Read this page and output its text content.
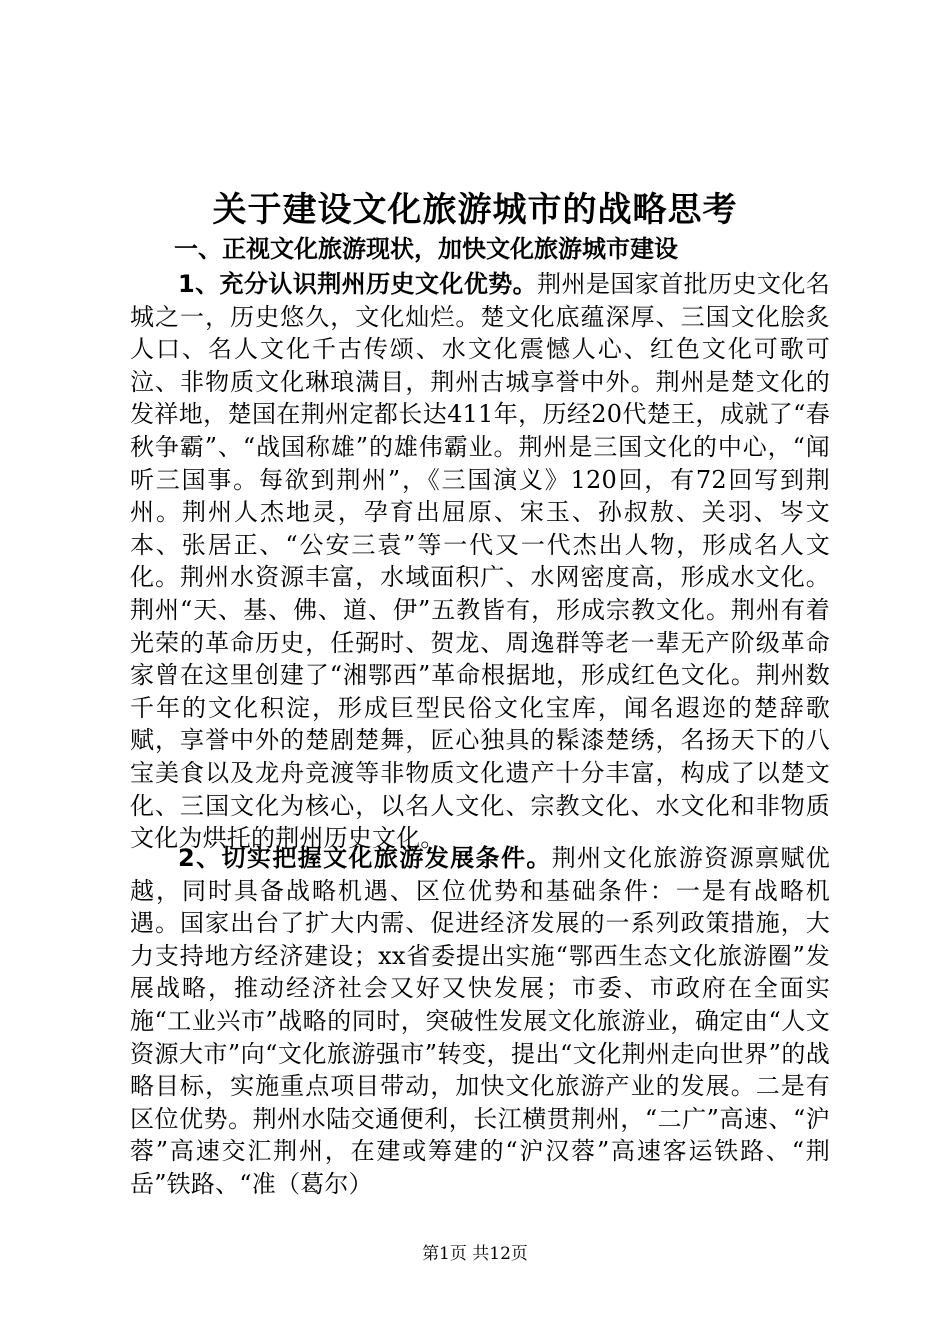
关于建设文化旅游城市的战略思考
一、正视文化旅游现状，加快文化旅游城市建设

1、充分认识荆州历史文化优势。荆州是国家首批历史文化名城之一，历史悠久，文化灿烂。楚文化底蕴深厚、三国文化脍炙人口、名人文化千古传颂、水文化震憾人心、红色文化可歌可泣、非物质文化琳琅满目，荆州古城享誉中外。荆州是楚文化的发祥地，楚国在荆州定都长达411年，历经20代楚王，成就了“春秋争霸”、“战国称雄”的雄伟霸业。荆州是三国文化的中心，“闻听三国事。每欲到荆州”，《三国演义》120回，有72回写到荆州。荆州人杰地灵，孕育出屈原、宋玉、孙叔敖、关羽、岑文本、张居正、“公安三袁”等一代又一代杰出人物，形成名人文化。荆州水资源丰富，水域面积广、水网密度高，形成水文化。荆州“天、基、佛、道、伊”五教皆有，形成宗教文化。荆州有着光荣的革命历史，任弼时、贺龙、周逸群等老一辈无产阶级革命家曾在这里创建了“湘鄂西”革命根据地，形成红色文化。荆州数千年的文化积淀，形成巨型民俗文化宝库，闻名遐迩的楚辞歌赋，享誉中外的楚剧楚舞，匠心独具的髹漆楚绣，名扬天下的八宝美食以及龙舟竞渡等非物质文化遗产十分丰富，构成了以楚文化、三国文化为核心，以名人文化、宗教文化、水文化和非物质文化为烘托的荆州历史文化。

2、切实把握文化旅游发展条件。荆州文化旅游资源禀赋优越，同时具备战略机遇、区位优势和基础条件：一是有战略机遇。国家出台了扩大内需、促进经济发展的一系列政策措施，大力支持地方经济建设；xx省委提出实施“鄂西生态文化旅游圈”发展战略，推动经济社会又好又快发展；市委、市政府在全面实施“工业兴市”战略的同时，突破性发展文化旅游业，确定由“人文资源大市”向“文化旅游强市”转变，提出“文化荆州走向世界”的战略目标，实施重点项目带动，加快文化旅游产业的发展。二是有区位优势。荆州水陆交通便利，长江横贯荆州，“二广”高速、“沪蓉”高速交汇荆州，在建或筹建的“沪汉蓉”高速客运铁路、“荆岳”铁路、“准（葛尔）

第1页 共12页
